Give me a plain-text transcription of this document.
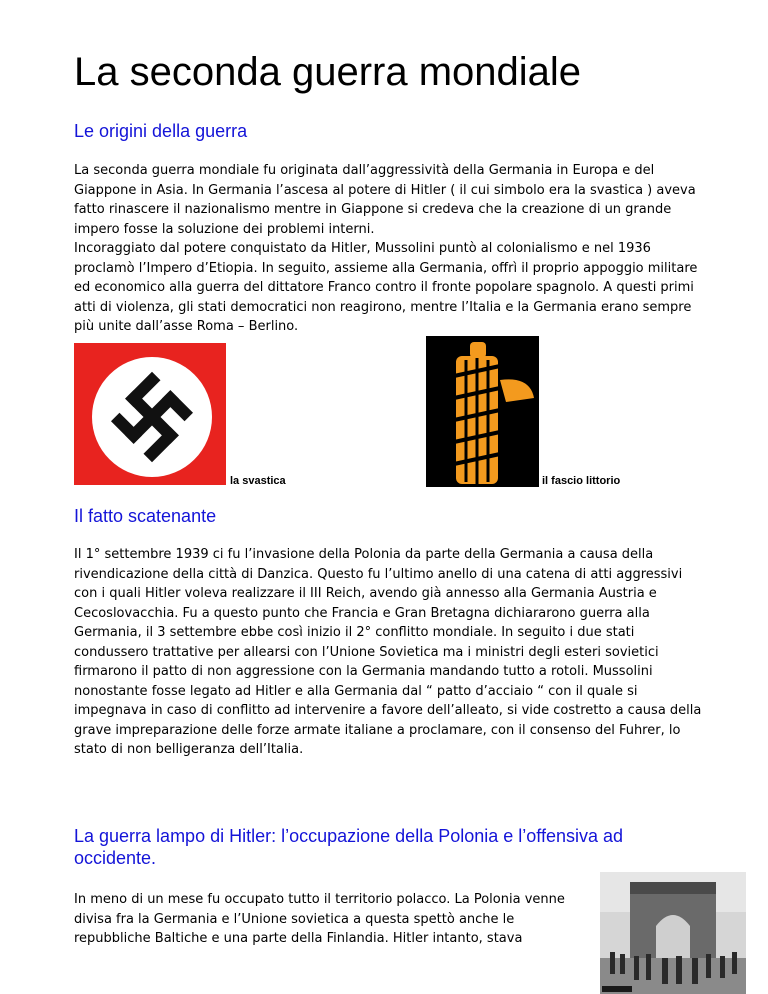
La seconda guerra mondiale
Le origini della guerra

La seconda guerra mondiale fu originata dall’aggressività della Germania in Europa e del Giappone in Asia. In Germania l’ascesa al potere di Hitler ( il cui simbolo era la svastica ) aveva fatto rinascere il nazionalismo mentre in Giappone si credeva che la creazione di un grande impero fosse la soluzione dei problemi interni.
Incoraggiato dal potere conquistato da Hitler, Mussolini puntò al colonialismo e nel 1936 proclamò l’Impero d’Etiopia. In seguito, assieme alla Germania, offrì il proprio appoggio militare ed economico alla guerra del dittatore Franco contro il fronte popolare spagnolo. A questi primi atti di violenza, gli stati democratici non reagirono, mentre l’Italia e la Germania erano sempre più unite dall’asse Roma – Berlino.

la svastica	il fascio littorio
Il fatto scatenante

Il 1° settembre 1939 ci fu l’invasione della Polonia da parte della Germania a causa della rivendicazione della città di Danzica. Questo fu l’ultimo anello di una catena di atti aggressivi con i quali Hitler voleva realizzare il III Reich, avendo già annesso alla Germania Austria e Cecoslovacchia. Fu a questo punto che Francia e Gran Bretagna dichiararono guerra alla Germania, il 3 settembre ebbe così inizio il 2° conflitto mondiale. In seguito i due stati condussero trattative per allearsi con l’Unione Sovietica ma i ministri degli esteri sovietici firmarono il patto di non aggressione con la Germania mandando tutto a rotoli. Mussolini nonostante fosse legato ad Hitler e alla Germania dal “ patto d’acciaio “ con il quale si impegnava in caso di conflitto ad intervenire a favore dell’alleato, si vide costretto a causa della grave impreparazione delle forze armate italiane a proclamare, con il consenso del Fuhrer, lo stato di non belligeranza dell’Italia.

La guerra lampo di Hitler: l’occupazione della Polonia e l’offensiva ad occidente.

In meno di un mese fu occupato tutto il territorio polacco. La Polonia venne divisa fra la Germania e l’Unione sovietica a questa spettò anche le repubbliche Baltiche e una parte della Finlandia. Hitler intanto, stava
